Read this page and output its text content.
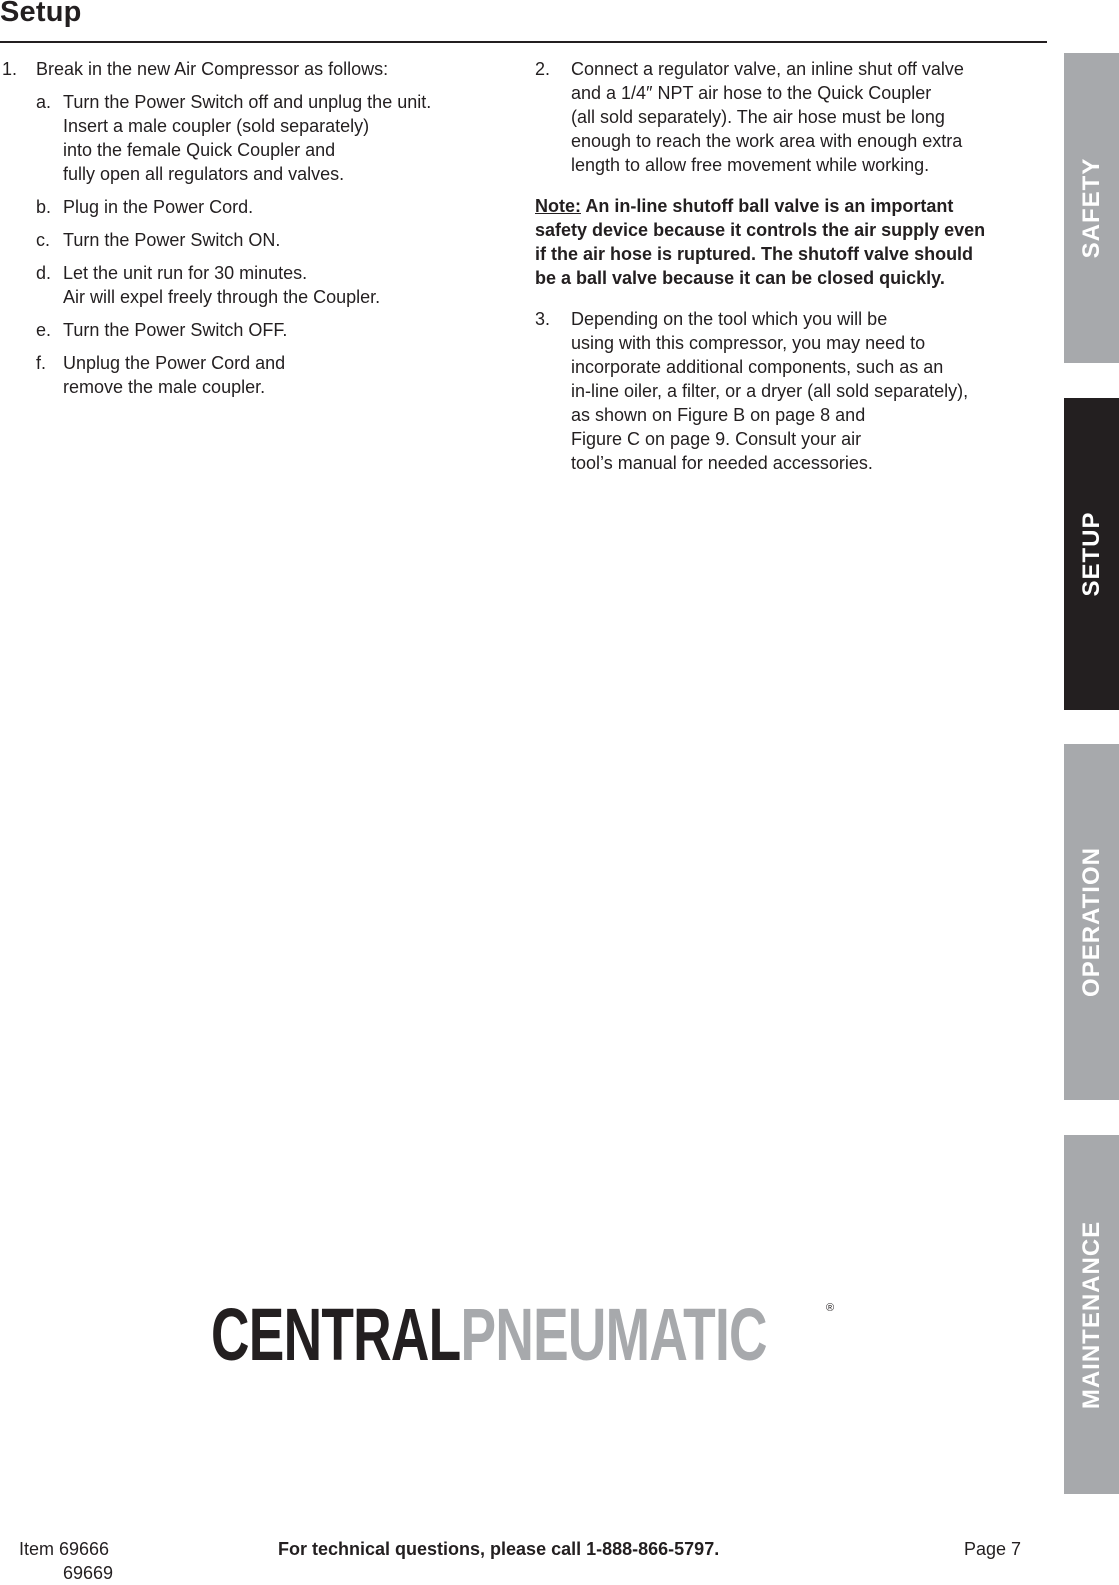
Setup
1. Break in the new Air Compressor as follows:
a. Turn the Power Switch off and unplug the unit.
Insert a male coupler (sold separately)
into the female Quick Coupler and
fully open all regulators and valves.
b. Plug in the Power Cord.
c. Turn the Power Switch ON.
d. Let the unit run for 30 minutes.
Air will expel freely through the Coupler.
e. Turn the Power Switch OFF.
f. Unplug the Power Cord and
remove the male coupler.
2. Connect a regulator valve, an inline shut off valve
and a 1/4″ NPT air hose to the Quick Coupler
(all sold separately). The air hose must be long
enough to reach the work area with enough extra
length to allow free movement while working.
Note: An in-line shutoff ball valve is an important
safety device because it controls the air supply even
if the air hose is ruptured. The shutoff valve should
be a ball valve because it can be closed quickly.
3. Depending on the tool which you will be
using with this compressor, you may need to
incorporate additional components, such as an
in-line oiler, a filter, or a dryer (all sold separately),
as shown on Figure B on page 8 and
Figure C on page 9. Consult your air
tool’s manual for needed accessories.
SAFETY
SETUP
OPERATION
MAINTENANCE
CENTRALPNEUMATIC	®
Item 69666
69669
For technical questions, please call 1-888-866-5797.	Page 7
